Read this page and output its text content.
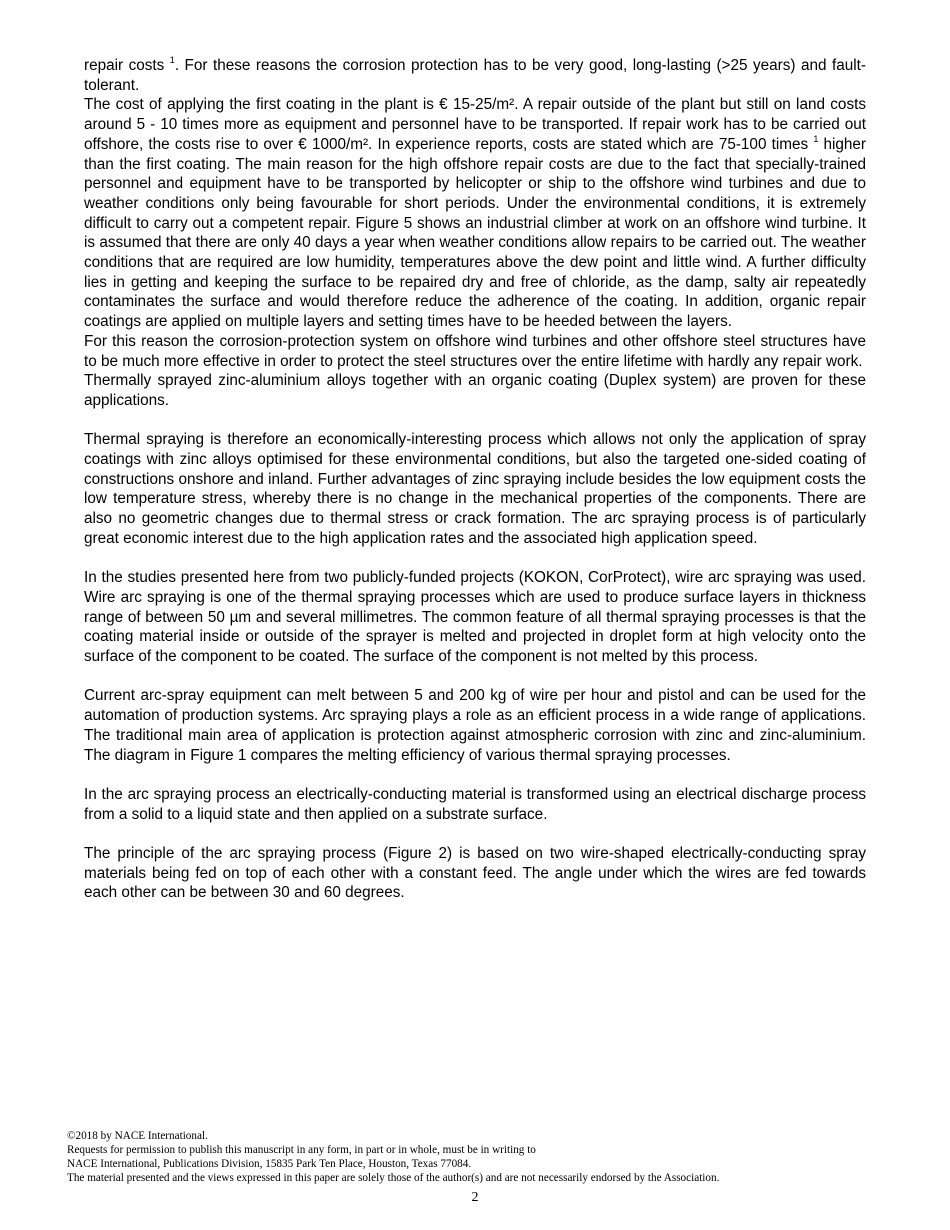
repair costs $^1$. For these reasons the corrosion protection has to be very good, long-lasting (>25 years) and fault-tolerant.

The cost of applying the first coating in the plant is € 15-25/m². A repair outside of the plant but still on land costs around 5 - 10 times more as equipment and personnel have to be transported. If repair work has to be carried out offshore, the costs rise to over € 1000/m². In experience reports, costs are stated which are 75-100 times $^1$ higher than the first coating. The main reason for the high offshore repair costs are due to the fact that specially-trained personnel and equipment have to be transported by helicopter or ship to the offshore wind turbines and due to weather conditions only being favourable for short periods. Under the environmental conditions, it is extremely difficult to carry out a competent repair. Figure 5 shows an industrial climber at work on an offshore wind turbine. It is assumed that there are only 40 days a year when weather conditions allow repairs to be carried out. The weather conditions that are required are low humidity, temperatures above the dew point and little wind. A further difficulty lies in getting and keeping the surface to be repaired dry and free of chloride, as the damp, salty air repeatedly contaminates the surface and would therefore reduce the adherence of the coating. In addition, organic repair coatings are applied on multiple layers and setting times have to be heeded between the layers.

For this reason the corrosion-protection system on offshore wind turbines and other offshore steel structures have to be much more effective in order to protect the steel structures over the entire lifetime with hardly any repair work.

Thermally sprayed zinc-aluminium alloys together with an organic coating (Duplex system) are proven for these applications.

Thermal spraying is therefore an economically-interesting process which allows not only the application of spray coatings with zinc alloys optimised for these environmental conditions, but also the targeted one-sided coating of constructions onshore and inland. Further advantages of zinc spraying include besides the low equipment costs the low temperature stress, whereby there is no change in the mechanical properties of the components. There are also no geometric changes due to thermal stress or crack formation. The arc spraying process is of particularly great economic interest due to the high application rates and the associated high application speed.

In the studies presented here from two publicly-funded projects (KOKON, CorProtect), wire arc spraying was used. Wire arc spraying is one of the thermal spraying processes which are used to produce surface layers in thickness range of between 50 µm and several millimetres. The common feature of all thermal spraying processes is that the coating material inside or outside of the sprayer is melted and projected in droplet form at high velocity onto the surface of the component to be coated. The surface of the component is not melted by this process.

Current arc-spray equipment can melt between 5 and 200 kg of wire per hour and pistol and can be used for the automation of production systems. Arc spraying plays a role as an efficient process in a wide range of applications. The traditional main area of application is protection against atmospheric corrosion with zinc and zinc-aluminium. The diagram in Figure 1 compares the melting efficiency of various thermal spraying processes.

In the arc spraying process an electrically-conducting material is transformed using an electrical discharge process from a solid to a liquid state and then applied on a substrate surface.

The principle of the arc spraying process (Figure 2) is based on two wire-shaped electrically-conducting spray materials being fed on top of each other with a constant feed. The angle under which the wires are fed towards each other can be between 30 and 60 degrees.

©2018 by NACE International.
Requests for permission to publish this manuscript in any form, in part or in whole, must be in writing to
NACE International, Publications Division, 15835 Park Ten Place, Houston, Texas 77084.
The material presented and the views expressed in this paper are solely those of the author(s) and are not necessarily endorsed by the Association.
2
